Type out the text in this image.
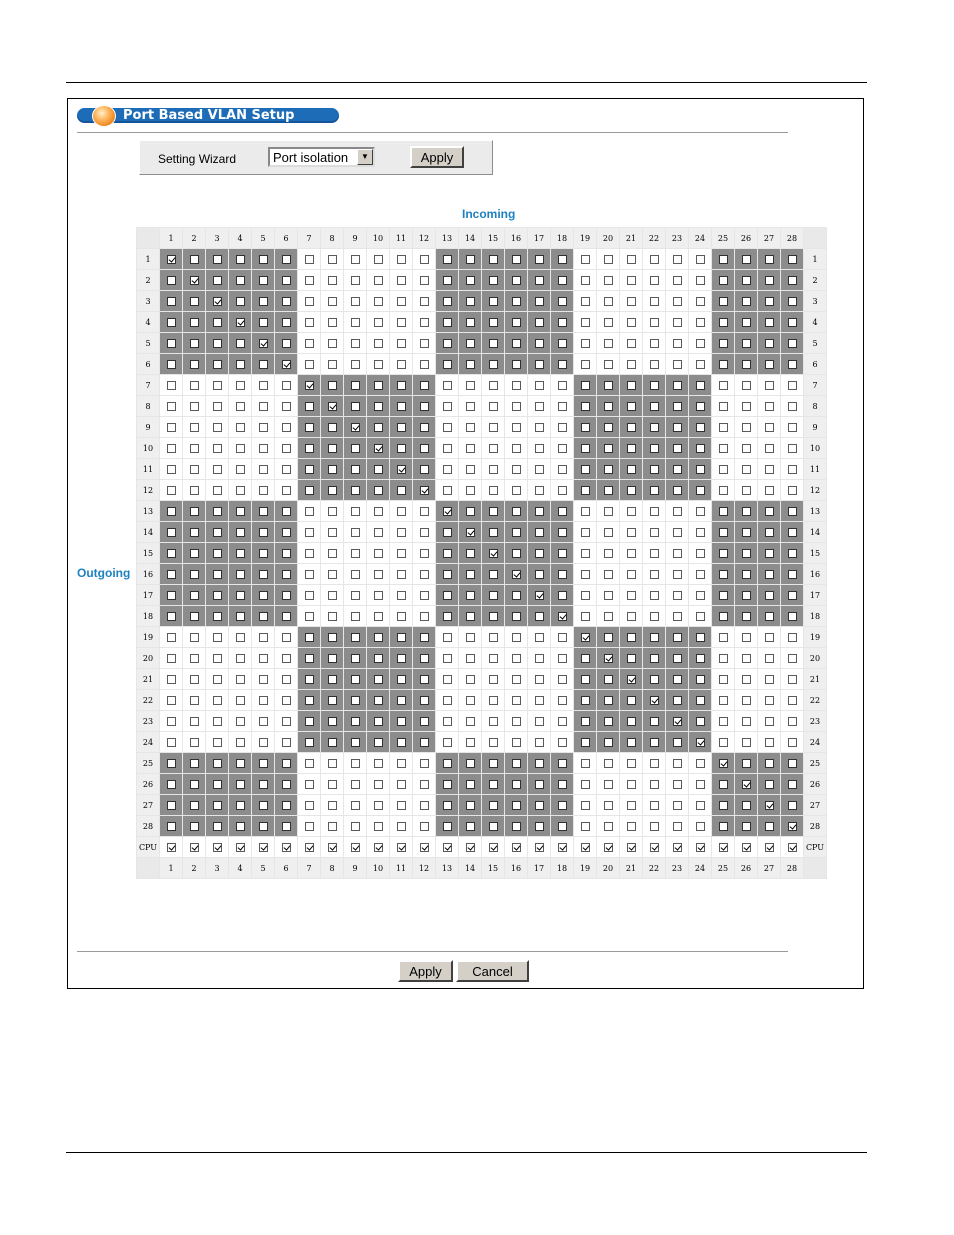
Port Based VLAN Setup
Setting Wizard	Port isolation	▼	Apply
Incoming
Outgoing
	1	2	3	4	5	6	7	8	9	10	11	12	13	14	15	16	17	18	19	20	21	22	23	24	25	26	27	28	
1																													1
2																													2
3																													3
4																													4
5																													5
6																													6
7																													7
8																													8
9																													9
10																													10
11																													11
12																													12
13																													13
14																													14
15																													15
16																													16
17																													17
18																													18
19																													19
20																													20
21																													21
22																													22
23																													23
24																													24
25																													25
26																													26
27																													27
28																													28
CPU																													CPU
	1	2	3	4	5	6	7	8	9	10	11	12	13	14	15	16	17	18	19	20	21	22	23	24	25	26	27	28	
Apply	Cancel
